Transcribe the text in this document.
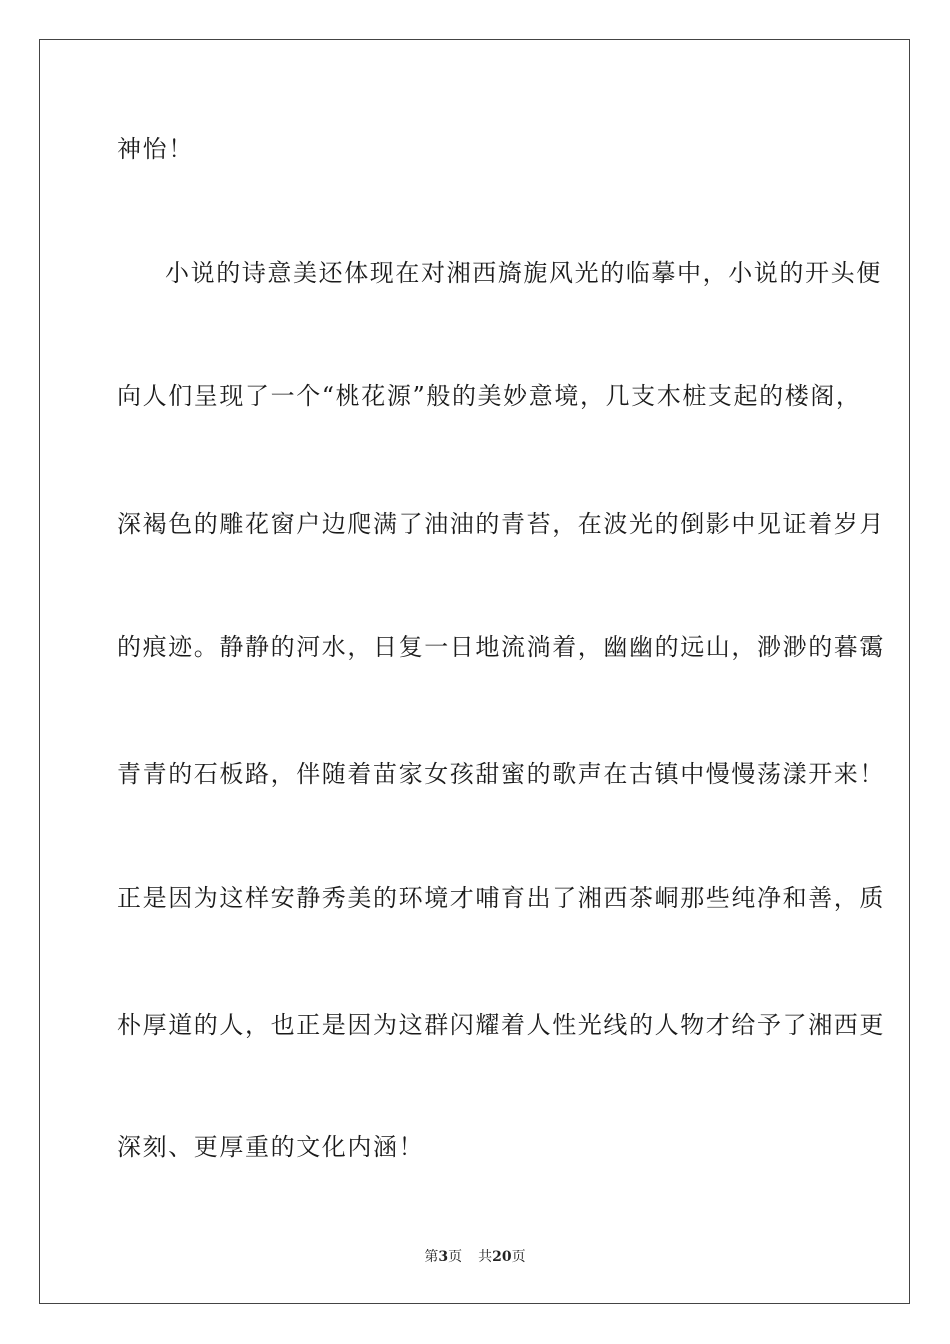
神怡！
小说的诗意美还体现在对湘西旖旎风光的临摹中，小说的开头便
向人们呈现了一个“桃花源”般的美妙意境，几支木桩支起的楼阁，
深褐色的雕花窗户边爬满了油油的青苔，在波光的倒影中见证着岁月
的痕迹。静静的河水，日复一日地流淌着，幽幽的远山，渺渺的暮霭
青青的石板路，伴随着苗家女孩甜蜜的歌声在古镇中慢慢荡漾开来！
正是因为这样安静秀美的环境才哺育出了湘西茶峒那些纯净和善，质
朴厚道的人，也正是因为这群闪耀着人性光线的人物才给予了湘西更
深刻、更厚重的文化内涵！
第3页 共20页
